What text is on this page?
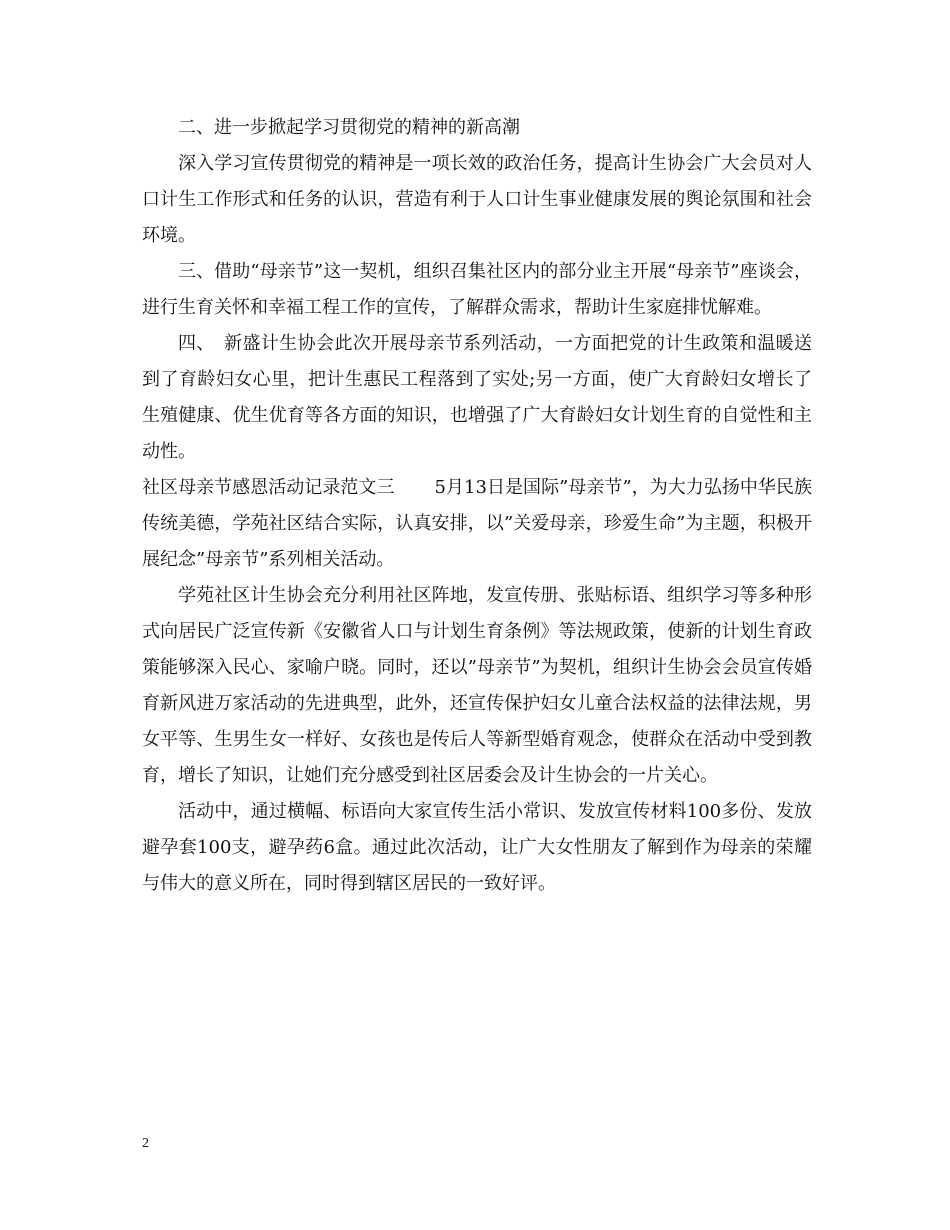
二、进一步掀起学习贯彻党的精神的新高潮

深入学习宣传贯彻党的精神是一项长效的政治任务，提高计生协会广大会员对人口计生工作形式和任务的认识，营造有利于人口计生事业健康发展的舆论氛围和社会环境。

三、借助“母亲节”这一契机，组织召集社区内的部分业主开展“母亲节”座谈会，进行生育关怀和幸福工程工作的宣传，了解群众需求，帮助计生家庭排忧解难。

四、　新盛计生协会此次开展母亲节系列活动，一方面把党的计生政策和温暖送到了育龄妇女心里，把计生惠民工程落到了实处;另一方面，使广大育龄妇女增长了生殖健康、优生优育等各方面的知识，也增强了广大育龄妇女计划生育的自觉性和主动性。

社区母亲节感恩活动记录范文三 5月13日是国际”母亲节”，为大力弘扬中华民族传统美德，学苑社区结合实际，认真安排，以”关爱母亲，珍爱生命”为主题，积极开展纪念”母亲节”系列相关活动。

学苑社区计生协会充分利用社区阵地，发宣传册、张贴标语、组织学习等多种形式向居民广泛宣传新《安徽省人口与计划生育条例》等法规政策，使新的计划生育政策能够深入民心、家喻户晓。同时，还以”母亲节”为契机，组织计生协会会员宣传婚育新风进万家活动的先进典型，此外，还宣传保护妇女儿童合法权益的法律法规，男女平等、生男生女一样好、女孩也是传后人等新型婚育观念，使群众在活动中受到教育，增长了知识，让她们充分感受到社区居委会及计生协会的一片关心。

活动中，通过横幅、标语向大家宣传生活小常识、发放宣传材料100多份、发放避孕套100支，避孕药6盒。通过此次活动，让广大女性朋友了解到作为母亲的荣耀与伟大的意义所在，同时得到辖区居民的一致好评。

2
